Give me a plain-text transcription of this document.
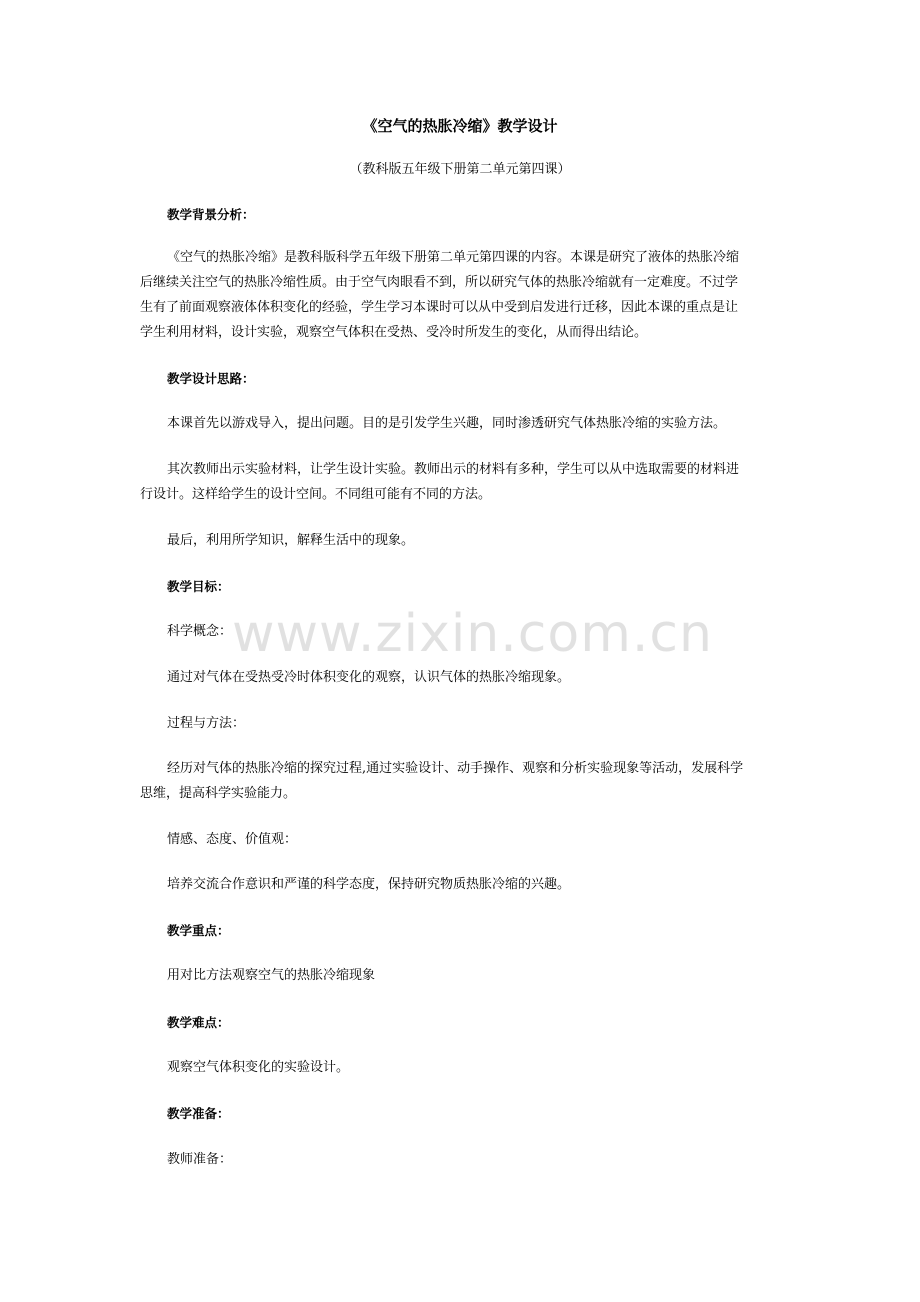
《空气的热胀冷缩》教学设计
（教科版五年级下册第二单元第四课）
www.zixin.com.cn
教学背景分析：
《空气的热胀冷缩》是教科版科学五年级下册第二单元第四课的内容。本课是研究了液体的热胀冷缩
后继续关注空气的热胀冷缩性质。由于空气肉眼看不到，所以研究气体的热胀冷缩就有一定难度。不过学
生有了前面观察液体体积变化的经验，学生学习本课时可以从中受到启发进行迁移，因此本课的重点是让
学生利用材料，设计实验，观察空气体积在受热、受冷时所发生的变化，从而得出结论。
教学设计思路：
本课首先以游戏导入，提出问题。目的是引发学生兴趣，同时渗透研究气体热胀冷缩的实验方法。
其次教师出示实验材料，让学生设计实验。教师出示的材料有多种，学生可以从中选取需要的材料进
行设计。这样给学生的设计空间。不同组可能有不同的方法。
最后，利用所学知识，解释生活中的现象。
教学目标：
科学概念：
通过对气体在受热受冷时体积变化的观察，认识气体的热胀冷缩现象。
过程与方法：
经历对气体的热胀冷缩的探究过程,通过实验设计、动手操作、观察和分析实验现象等活动，发展科学
思维，提高科学实验能力。
情感、态度、价值观：
培养交流合作意识和严谨的科学态度，保持研究物质热胀冷缩的兴趣。
教学重点：
用对比方法观察空气的热胀冷缩现象
教学难点：
观察空气体积变化的实验设计。
教学准备：
教师准备：
